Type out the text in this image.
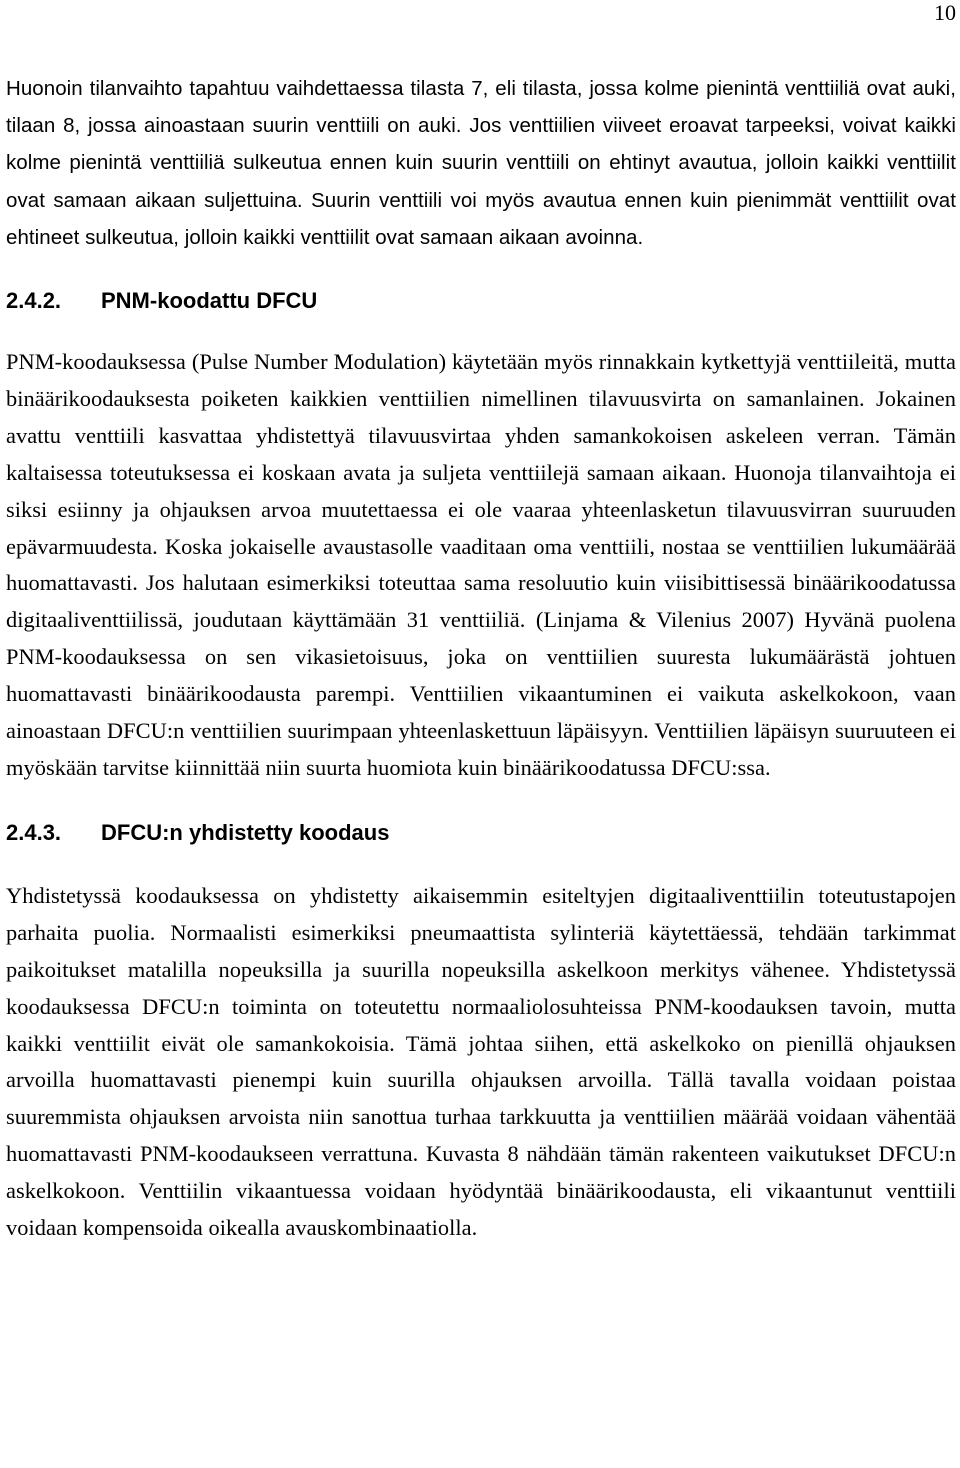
10

Huonoin tilanvaihto tapahtuu vaihdettaessa tilasta 7, eli tilasta, jossa kolme pienintä venttiiliä ovat auki, tilaan 8, jossa ainoastaan suurin venttiili on auki. Jos venttiilien viiveet eroavat tarpeeksi, voivat kaikki kolme pienintä venttiiliä sulkeutua ennen kuin suurin venttiili on ehtinyt avautua, jolloin kaikki venttiilit ovat samaan aikaan suljettuina. Suurin venttiili voi myös avautua ennen kuin pienimmät venttiilit ovat ehtineet sulkeutua, jolloin kaikki venttiilit ovat samaan aikaan avoinna.

2.4.2.	PNM-koodattu DFCU

PNM-koodauksessa (Pulse Number Modulation) käytetään myös rinnakkain kytkettyjä venttiileitä, mutta binäärikoodauksesta poiketen kaikkien venttiilien nimellinen tilavuusvirta on samanlainen. Jokainen avattu venttiili kasvattaa yhdistettyä tilavuusvirtaa yhden samankokoisen askeleen verran. Tämän kaltaisessa toteutuksessa ei koskaan avata ja suljeta venttiilejä samaan aikaan. Huonoja tilanvaihtoja ei siksi esiinny ja ohjauksen arvoa muutettaessa ei ole vaaraa yhteenlasketun tilavuusvirran suuruuden epävarmuudesta. Koska jokaiselle avaustasolle vaaditaan oma venttiili, nostaa se venttiilien lukumäärää huomattavasti. Jos halutaan esimerkiksi toteuttaa sama resoluutio kuin viisibittisessä binäärikoodatussa digitaaliventtiilissä, joudutaan käyttämään 31 venttiiliä. (Linjama & Vilenius 2007) Hyvänä puolena PNM-koodauksessa on sen vikasietoisuus, joka on venttiilien suuresta lukumäärästä johtuen huomattavasti binäärikoodausta parempi. Venttiilien vikaantuminen ei vaikuta askelkokoon, vaan ainoastaan DFCU:n venttiilien suurimpaan yhteenlaskettuun läpäisyyn. Venttiilien läpäisyn suuruuteen ei myöskään tarvitse kiinnittää niin suurta huomiota kuin binäärikoodatussa DFCU:ssa.

2.4.3.	DFCU:n yhdistetty koodaus

Yhdistetyssä koodauksessa on yhdistetty aikaisemmin esiteltyjen digitaaliventtiilin toteutustapojen parhaita puolia. Normaalisti esimerkiksi pneumaattista sylinteriä käytettäessä, tehdään tarkimmat paikoitukset matalilla nopeuksilla ja suurilla nopeuksilla askelkoon merkitys vähenee. Yhdistetyssä koodauksessa DFCU:n toiminta on toteutettu normaaliolosuhteissa PNM-koodauksen tavoin, mutta kaikki venttiilit eivät ole samankokoisia. Tämä johtaa siihen, että askelkoko on pienillä ohjauksen arvoilla huomattavasti pienempi kuin suurilla ohjauksen arvoilla. Tällä tavalla voidaan poistaa suuremmista ohjauksen arvoista niin sanottua turhaa tarkkuutta ja venttiilien määrää voidaan vähentää huomattavasti PNM-koodaukseen verrattuna. Kuvasta 8 nähdään tämän rakenteen vaikutukset DFCU:n askelkokoon. Venttiilin vikaantuessa voidaan hyödyntää binäärikoodausta, eli vikaantunut venttiili voidaan kompensoida oikealla avauskombinaatiolla.
